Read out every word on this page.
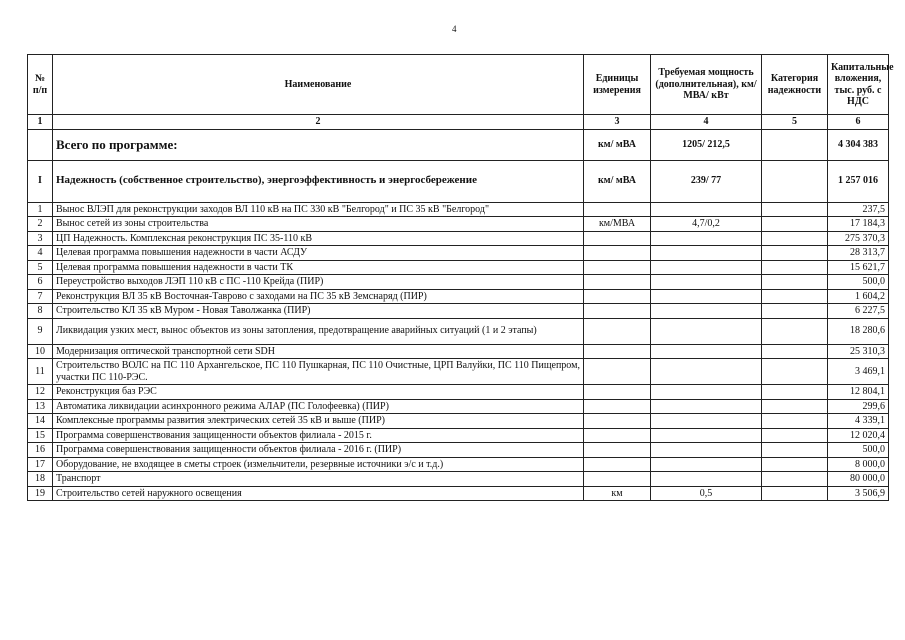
4
№ п/п	Наименование	Единицы измерения	Требуемая мощность (дополнительная), км/ МВА/ кВт	Категория надежности	Капитальные вложения, тыс. руб. с НДС
1	2	3	4	5	6
	Всего по программе:	км/ мВА	1205/ 212,5		4 304 383
I	Надежность (собственное строительство), энергоэффективность и энергосбережение	км/ мВА	239/ 77		1 257 016
1	Вынос ВЛЭП для реконструкции заходов ВЛ 110 кВ на ПС 330 кВ "Белгород" и ПС 35 кВ "Белгород"				237,5
2	Вынос сетей из зоны строительства	км/МВА	4,7/0,2		17 184,3
3	ЦП Надежность. Комплексная реконструкция ПС 35-110 кВ				275 370,3
4	Целевая программа повышения надежности в части АСДУ				28 313,7
5	Целевая программа повышения надежности в части ТК				15 621,7
6	Переустройство выходов ЛЭП 110 кВ с ПС -110 Крейда (ПИР)				500,0
7	Реконструкция ВЛ 35 кВ Восточная-Таврово с заходами на ПС 35 кВ Земснаряд (ПИР)				1 604,2
8	Строительство КЛ 35 кВ Муром - Новая Таволжанка (ПИР)				6 227,5
9	Ликвидация узких мест, вынос объектов из зоны затопления, предотвращение аварийных ситуаций (1 и 2 этапы)				18 280,6
10	Модернизация оптической транспортной сети SDH				25 310,3
11	Строительство ВОЛС на ПС 110 Архангельское, ПС 110 Пушкарная, ПС 110 Очистные, ЦРП Валуйки, ПС 110 Пищепром, участки ПС 110-РЭС.				3 469,1
12	Реконструкция баз РЭС				12 804,1
13	Автоматика ликвидации асинхронного режима АЛАР (ПС Голофеевка) (ПИР)				299,6
14	Комплексные программы развития электрических сетей 35 кВ и выше (ПИР)				4 339,1
15	Программа совершенствования защищенности объектов филиала - 2015 г.				12 020,4
16	Программа совершенствования защищенности объектов филиала - 2016 г. (ПИР)				500,0
17	Оборудование, не входящее в сметы строек (измельчители, резервные источники э/с и т.д.)				8 000,0
18	Транспорт				80 000,0
19	Строительство сетей наружного освещения	км	0,5		3 506,9
